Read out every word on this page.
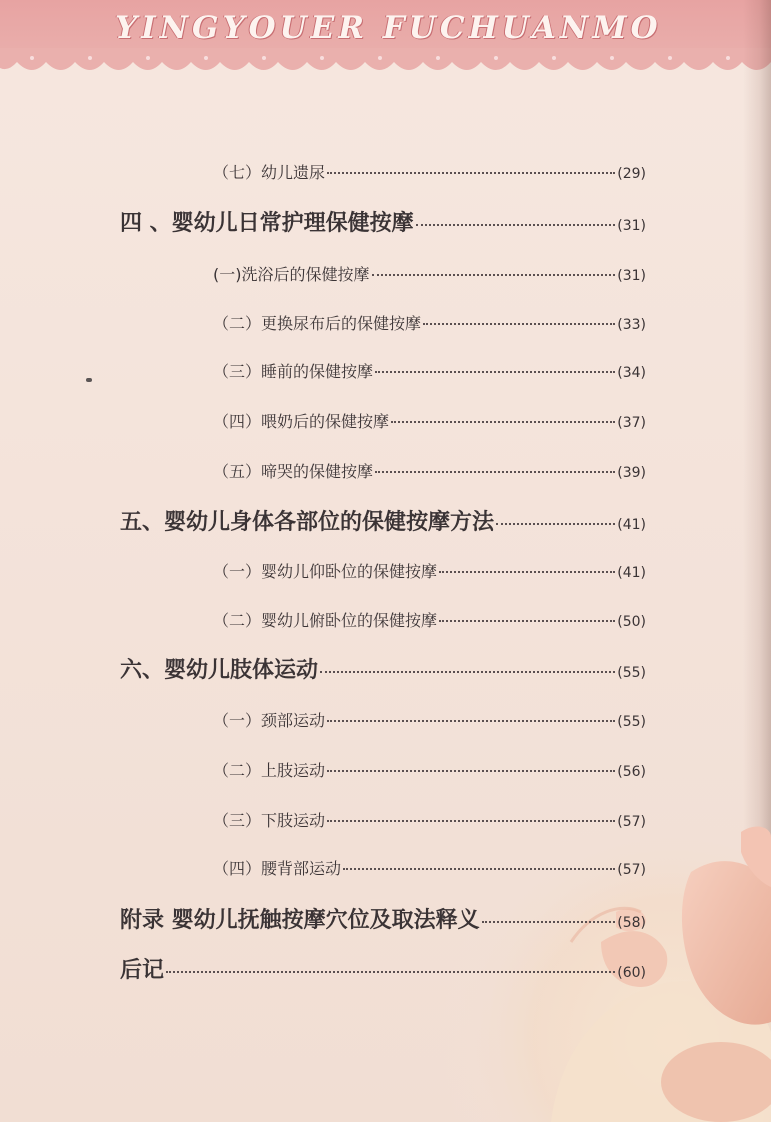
YINGYOUER FUCHUANMO
（七）幼儿遗尿	(29)
四 、婴幼儿日常护理保健按摩	(31)
(一)洗浴后的保健按摩	(31)
（二）更换尿布后的保健按摩	(33)
（三）睡前的保健按摩	(34)
（四）喂奶后的保健按摩	(37)
（五）啼哭的保健按摩	(39)
五、婴幼儿身体各部位的保健按摩方法	(41)
（一）婴幼儿仰卧位的保健按摩	(41)
（二）婴幼儿俯卧位的保健按摩	(50)
六、婴幼儿肢体运动	(55)
（一）颈部运动	(55)
（二）上肢运动	(56)
（三）下肢运动	(57)
（四）腰背部运动	(57)
附录 婴幼儿抚触按摩穴位及取法释义	(58)
后记	(60)
